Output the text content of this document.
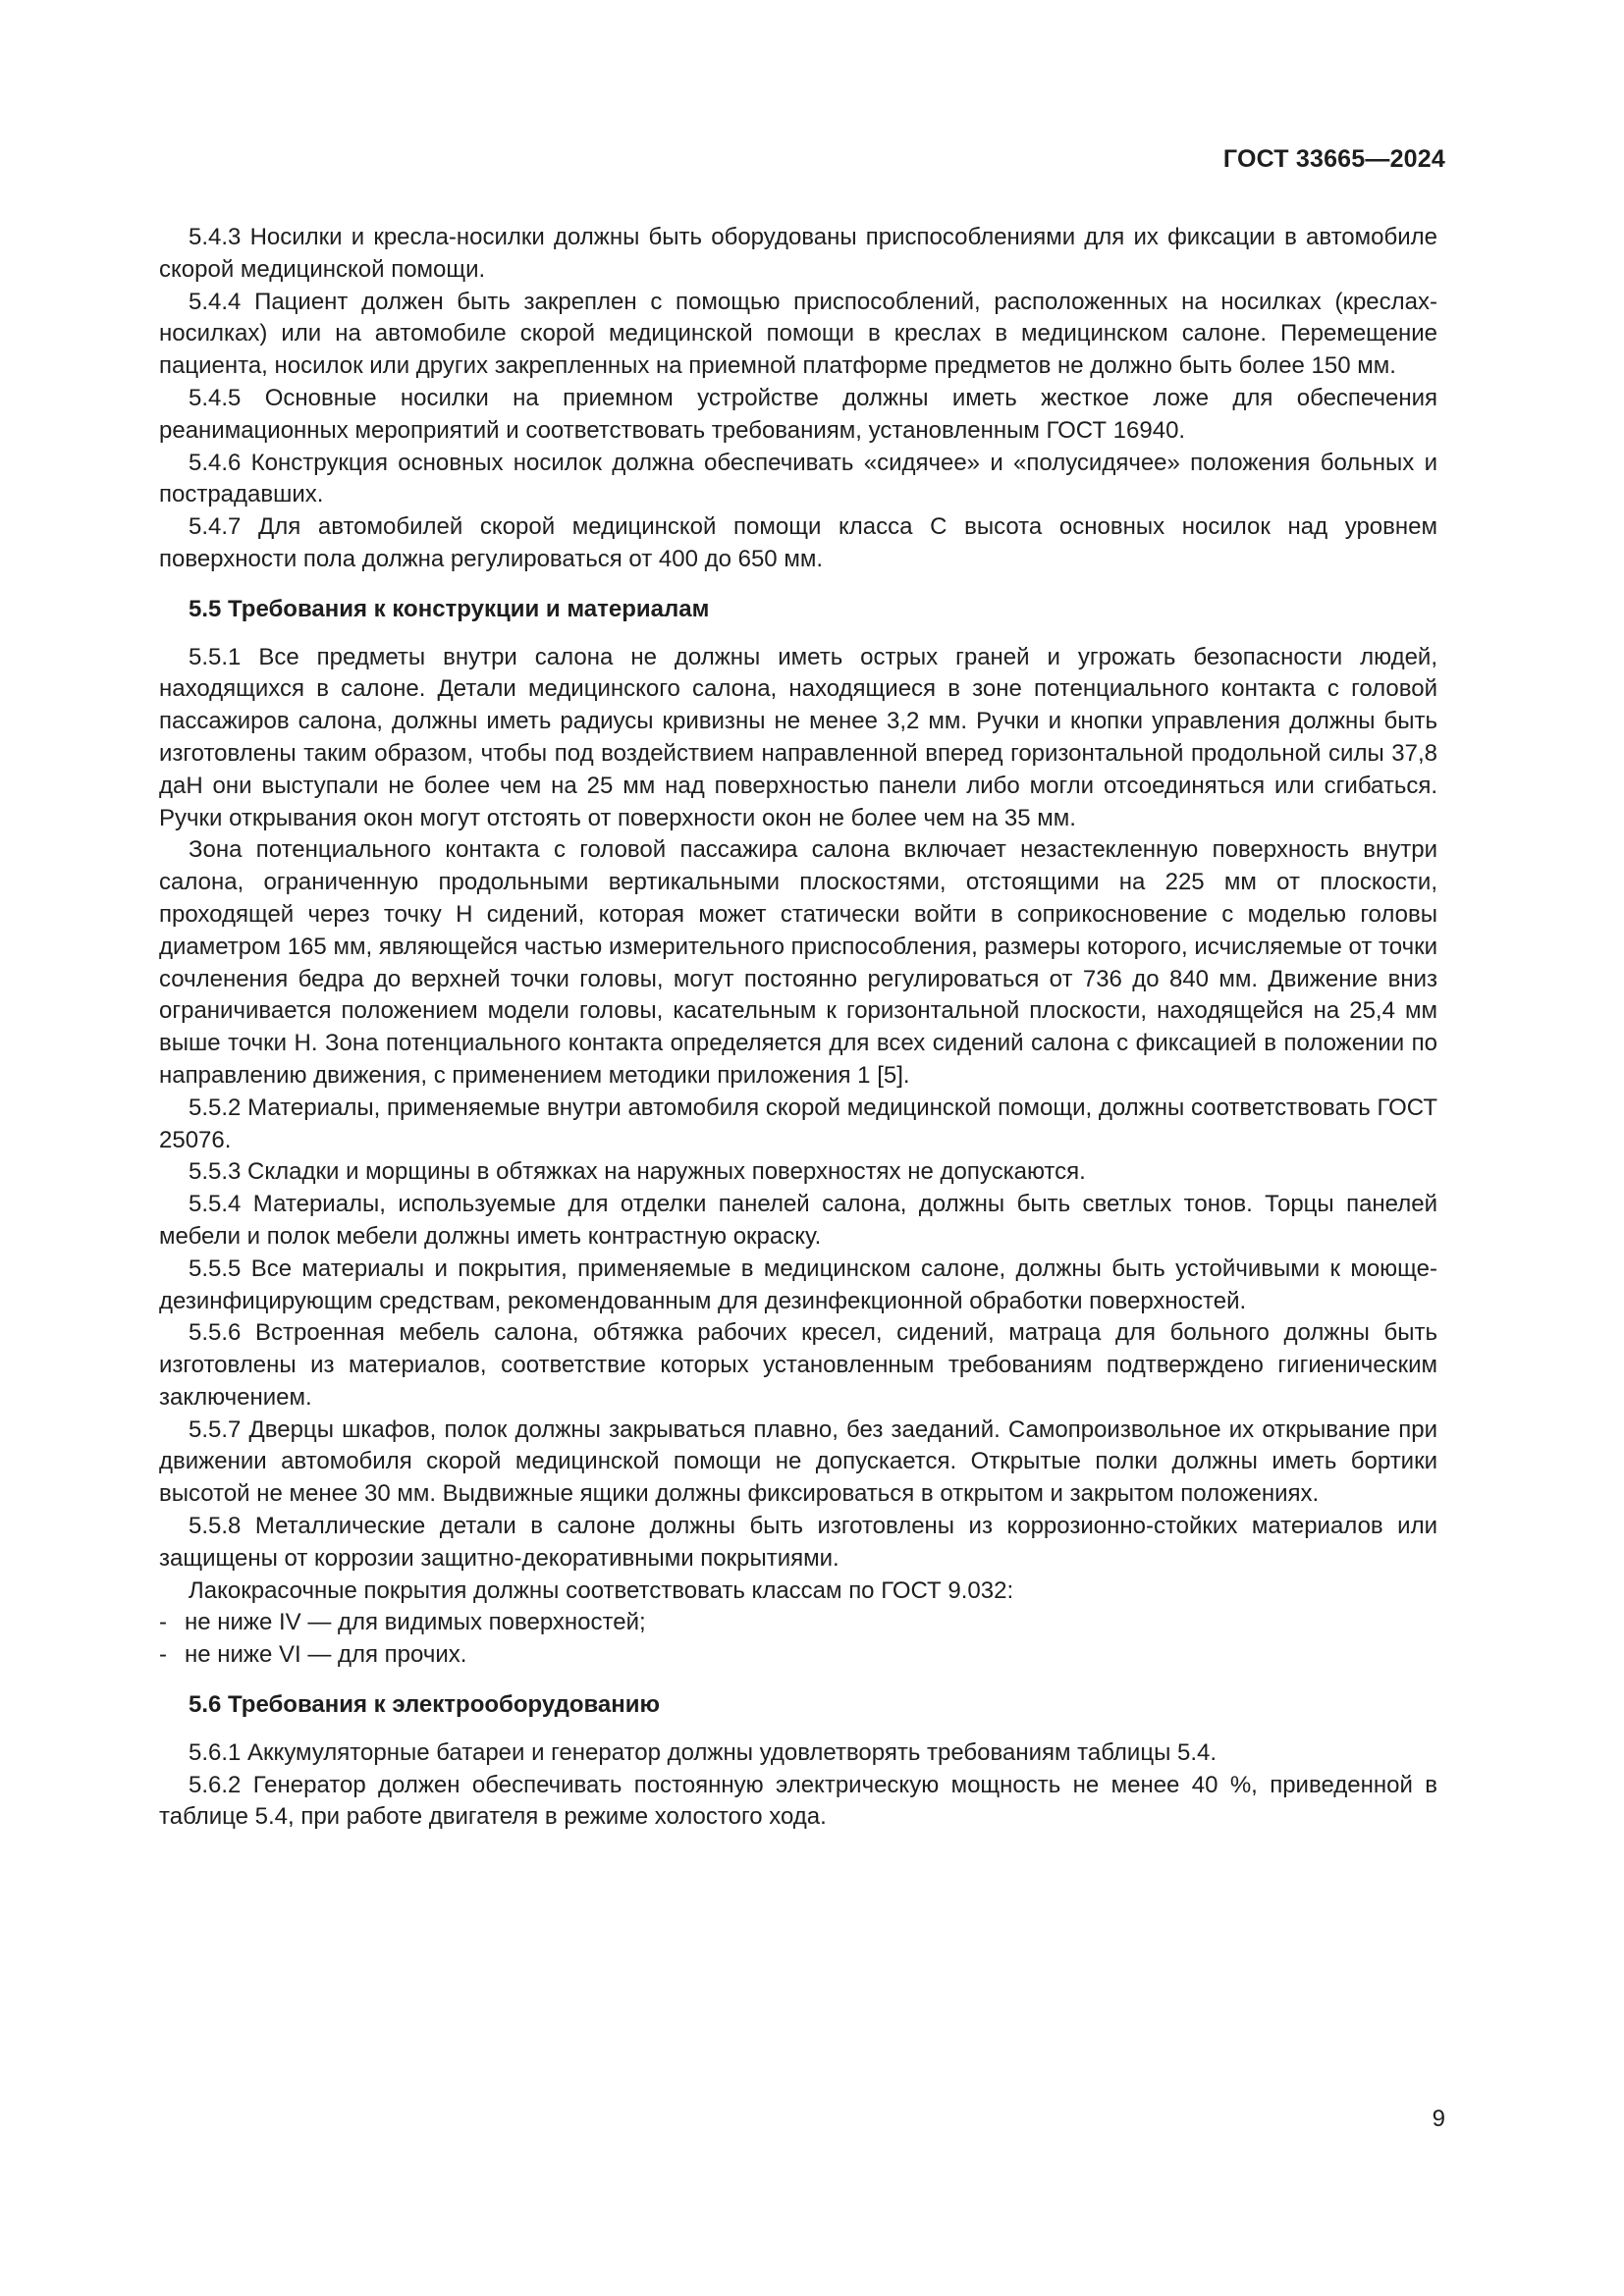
ГОСТ 33665—2024

5.4.3 Носилки и кресла-носилки должны быть оборудованы приспособлениями для их фиксации в автомобиле скорой медицинской помощи.

5.4.4 Пациент должен быть закреплен с помощью приспособлений, расположенных на носилках (креслах-носилках) или на автомобиле скорой медицинской помощи в креслах в медицинском салоне. Перемещение пациента, носилок или других закрепленных на приемной платформе предметов не должно быть более 150 мм.

5.4.5 Основные носилки на приемном устройстве должны иметь жесткое ложе для обеспечения реанимационных мероприятий и соответствовать требованиям, установленным ГОСТ 16940.

5.4.6 Конструкция основных носилок должна обеспечивать «сидячее» и «полусидячее» положения больных и пострадавших.

5.4.7 Для автомобилей скорой медицинской помощи класса С высота основных носилок над уровнем поверхности пола должна регулироваться от 400 до 650 мм.

5.5 Требования к конструкции и материалам

5.5.1 Все предметы внутри салона не должны иметь острых граней и угрожать безопасности людей, находящихся в салоне. Детали медицинского салона, находящиеся в зоне потенциального контакта с головой пассажиров салона, должны иметь радиусы кривизны не менее 3,2 мм. Ручки и кнопки управления должны быть изготовлены таким образом, чтобы под воздействием направленной вперед горизонтальной продольной силы 37,8 даН они выступали не более чем на 25 мм над поверхностью панели либо могли отсоединяться или сгибаться. Ручки открывания окон могут отстоять от поверхности окон не более чем на 35 мм.

Зона потенциального контакта с головой пассажира салона включает незастекленную поверхность внутри салона, ограниченную продольными вертикальными плоскостями, отстоящими на 225 мм от плоскости, проходящей через точку Н сидений, которая может статически войти в соприкосновение с моделью головы диаметром 165 мм, являющейся частью измерительного приспособления, размеры которого, исчисляемые от точки сочленения бедра до верхней точки головы, могут постоянно регулироваться от 736 до 840 мм. Движение вниз ограничивается положением модели головы, касательным к горизонтальной плоскости, находящейся на 25,4 мм выше точки Н. Зона потенциального контакта определяется для всех сидений салона с фиксацией в положении по направлению движения, с применением методики приложения 1 [5].

5.5.2 Материалы, применяемые внутри автомобиля скорой медицинской помощи, должны соответствовать ГОСТ 25076.

5.5.3 Складки и морщины в обтяжках на наружных поверхностях не допускаются.

5.5.4 Материалы, используемые для отделки панелей салона, должны быть светлых тонов. Торцы панелей мебели и полок мебели должны иметь контрастную окраску.

5.5.5 Все материалы и покрытия, применяемые в медицинском салоне, должны быть устойчивыми к моюще-дезинфицирующим средствам, рекомендованным для дезинфекционной обработки поверхностей.

5.5.6 Встроенная мебель салона, обтяжка рабочих кресел, сидений, матраца для больного должны быть изготовлены из материалов, соответствие которых установленным требованиям подтверждено гигиеническим заключением.

5.5.7 Дверцы шкафов, полок должны закрываться плавно, без заеданий. Самопроизвольное их открывание при движении автомобиля скорой медицинской помощи не допускается. Открытые полки должны иметь бортики высотой не менее 30 мм. Выдвижные ящики должны фиксироваться в открытом и закрытом положениях.

5.5.8 Металлические детали в салоне должны быть изготовлены из коррозионно-стойких материалов или защищены от коррозии защитно-декоративными покрытиями.

Лакокрасочные покрытия должны соответствовать классам по ГОСТ 9.032:

- не ниже IV — для видимых поверхностей;
- не ниже VI — для прочих.
5.6 Требования к электрооборудованию

5.6.1 Аккумуляторные батареи и генератор должны удовлетворять требованиям таблицы 5.4.

5.6.2 Генератор должен обеспечивать постоянную электрическую мощность не менее 40 %, приведенной в таблице 5.4, при работе двигателя в режиме холостого хода.

9
